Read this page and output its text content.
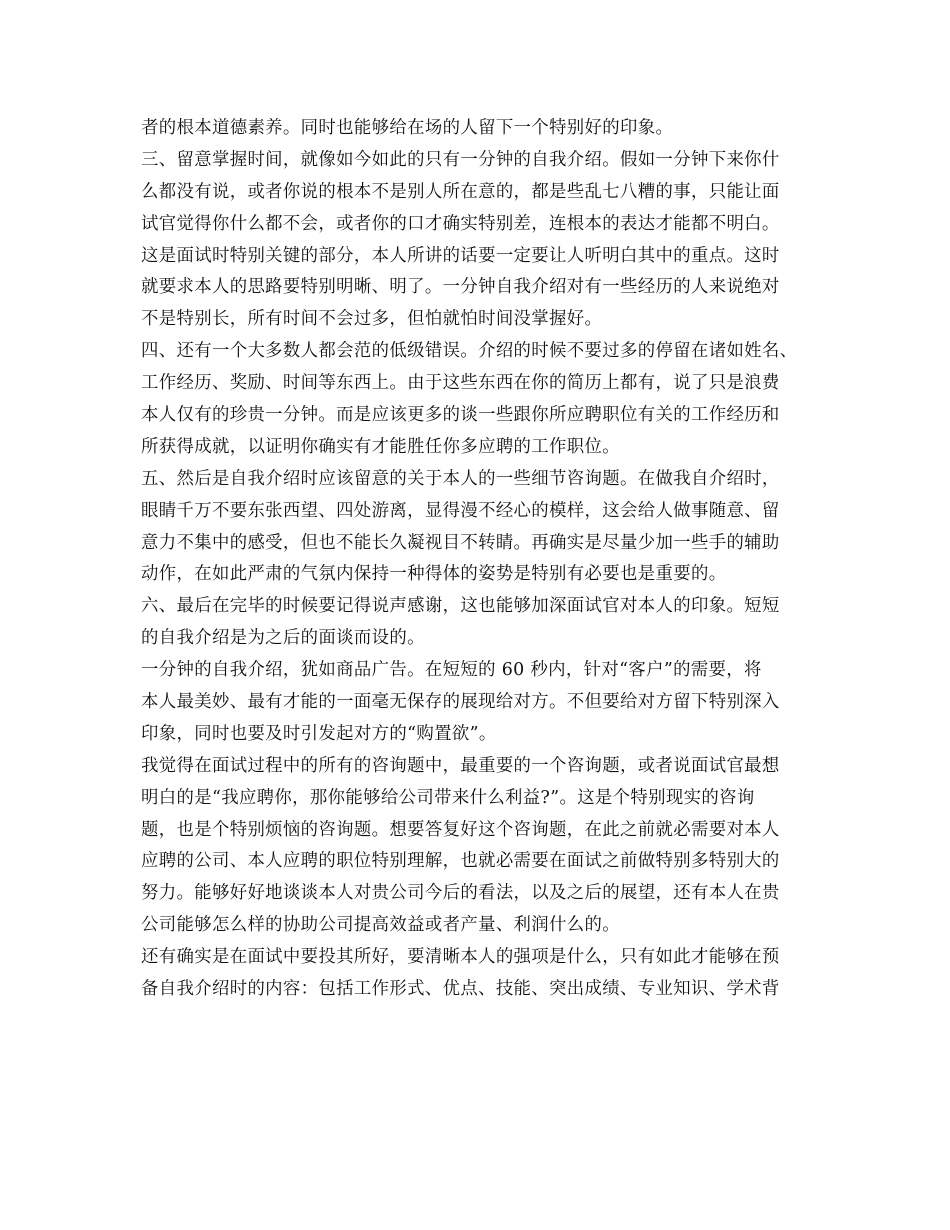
者的根本道德素养。同时也能够给在场的人留下一个特别好的印象。
三、留意掌握时间，就像如今如此的只有一分钟的自我介绍。假如一分钟下来你什
么都没有说，或者你说的根本不是别人所在意的，都是些乱七八糟的事，只能让面
试官觉得你什么都不会，或者你的口才确实特别差，连根本的表达才能都不明白。
这是面试时特别关键的部分，本人所讲的话要一定要让人听明白其中的重点。这时
就要求本人的思路要特别明晰、明了。一分钟自我介绍对有一些经历的人来说绝对
不是特别长，所有时间不会过多，但怕就怕时间没掌握好。
四、还有一个大多数人都会范的低级错误。介绍的时候不要过多的停留在诸如姓名、
工作经历、奖励、时间等东西上。由于这些东西在你的简历上都有，说了只是浪费
本人仅有的珍贵一分钟。而是应该更多的谈一些跟你所应聘职位有关的工作经历和
所获得成就，以证明你确实有才能胜任你多应聘的工作职位。
五、然后是自我介绍时应该留意的关于本人的一些细节咨询题。在做我自介绍时，
眼睛千万不要东张西望、四处游离，显得漫不经心的模样，这会给人做事随意、留
意力不集中的感受，但也不能长久凝视目不转睛。再确实是尽量少加一些手的辅助
动作，在如此严肃的气氛内保持一种得体的姿势是特别有必要也是重要的。
六、最后在完毕的时候要记得说声感谢，这也能够加深面试官对本人的印象。短短
的自我介绍是为之后的面谈而设的。
一分钟的自我介绍，犹如商品广告。在短短的 60 秒内，针对“客户”的需要，将
本人最美妙、最有才能的一面毫无保存的展现给对方。不但要给对方留下特别深入
印象，同时也要及时引发起对方的“购置欲”。
我觉得在面试过程中的所有的咨询题中，最重要的一个咨询题，或者说面试官最想
明白的是“我应聘你，那你能够给公司带来什么利益?”。这是个特别现实的咨询
题，也是个特别烦恼的咨询题。想要答复好这个咨询题，在此之前就必需要对本人
应聘的公司、本人应聘的职位特别理解，也就必需要在面试之前做特别多特别大的
努力。能够好好地谈谈本人对贵公司今后的看法，以及之后的展望，还有本人在贵
公司能够怎么样的协助公司提高效益或者产量、利润什么的。
还有确实是在面试中要投其所好，要清晰本人的强项是什么，只有如此才能够在预
备自我介绍时的内容：包括工作形式、优点、技能、突出成绩、专业知识、学术背
